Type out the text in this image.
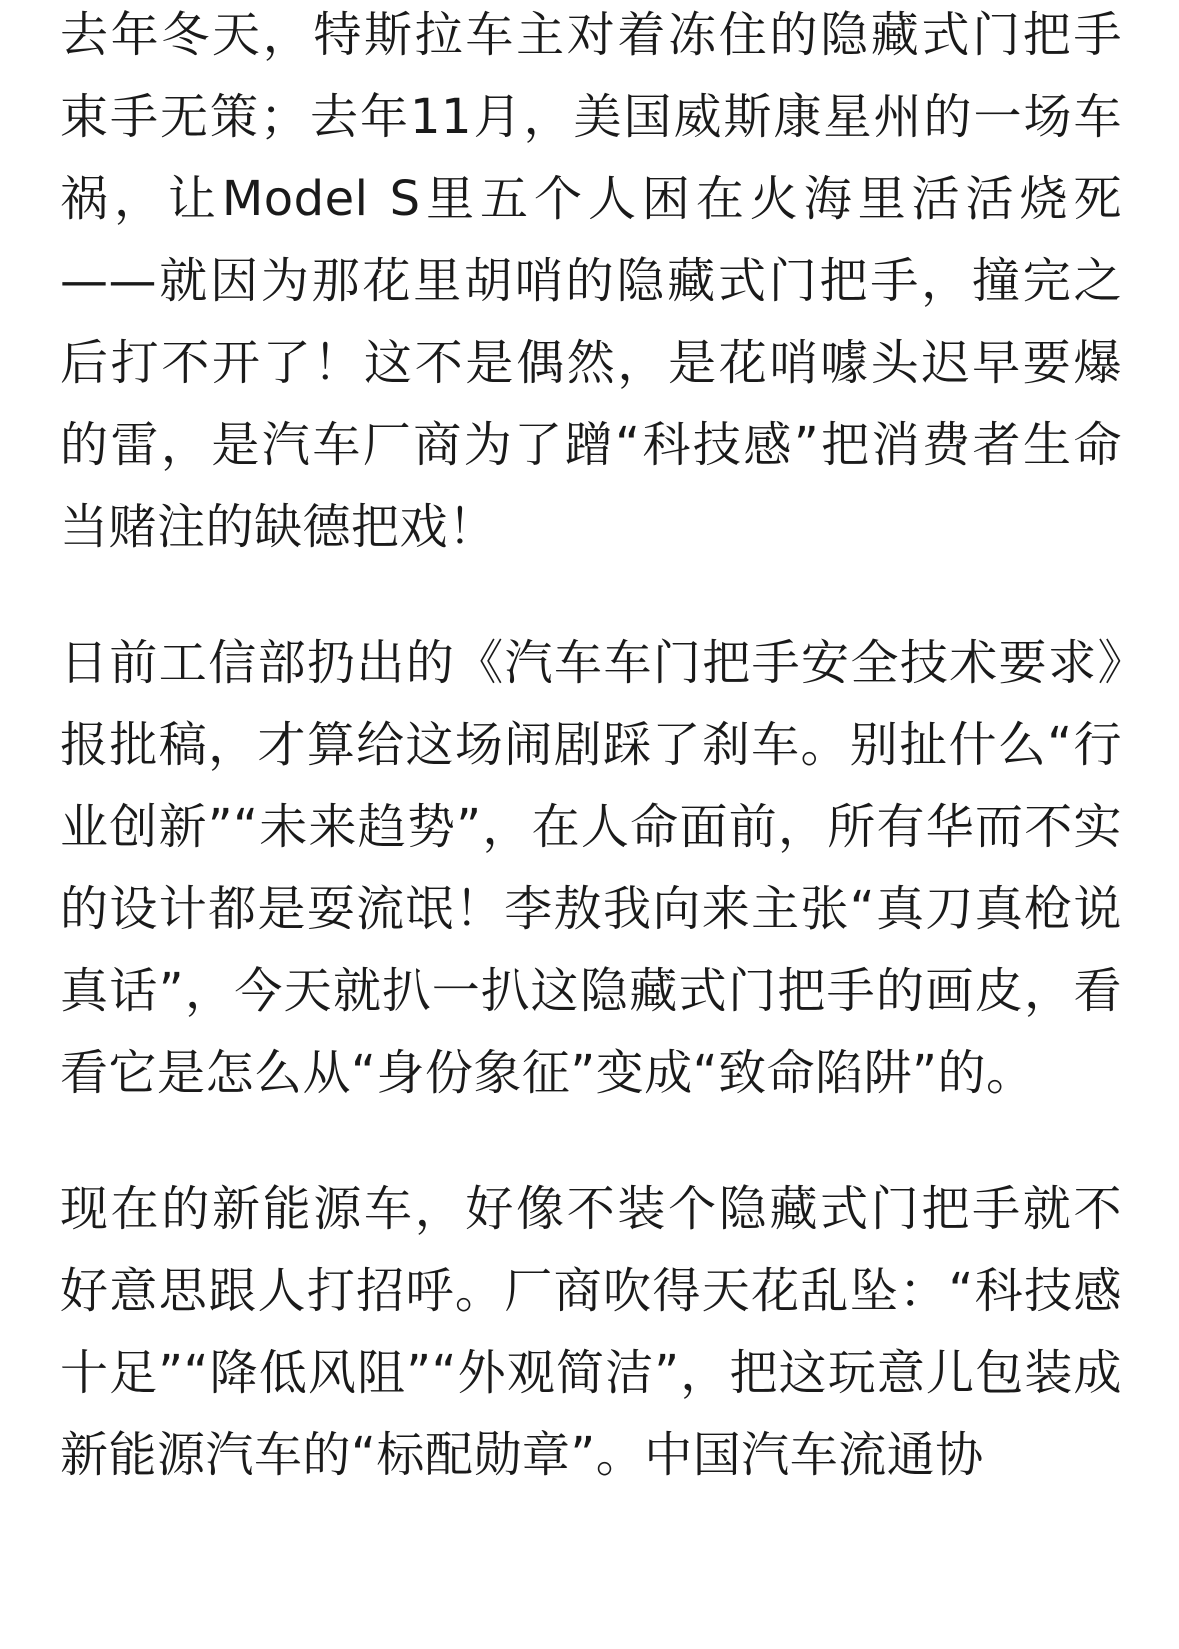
去年冬天，特斯拉车主对着冻住的隐藏式门把手束手无策；去年11月，美国威斯康星州的一场车祸，让Model S里五个人困在火海里活活烧死——就因为那花里胡哨的隐藏式门把手，撞完之后打不开了！这不是偶然，是花哨噱头迟早要爆的雷，是汽车厂商为了蹭“科技感”把消费者生命当赌注的缺德把戏！

日前工信部扔出的《汽车车门把手安全技术要求》报批稿，才算给这场闹剧踩了刹车。别扯什么“行业创新”“未来趋势”，在人命面前，所有华而不实的设计都是耍流氓！李敖我向来主张“真刀真枪说真话”，今天就扒一扒这隐藏式门把手的画皮，看看它是怎么从“身份象征”变成“致命陷阱”的。

现在的新能源车，好像不装个隐藏式门把手就不好意思跟人打招呼。厂商吹得天花乱坠：“科技感十足”“降低风阻”“外观简洁”，把这玩意儿包装成新能源汽车的“标配勋章”。中国汽车流通协
